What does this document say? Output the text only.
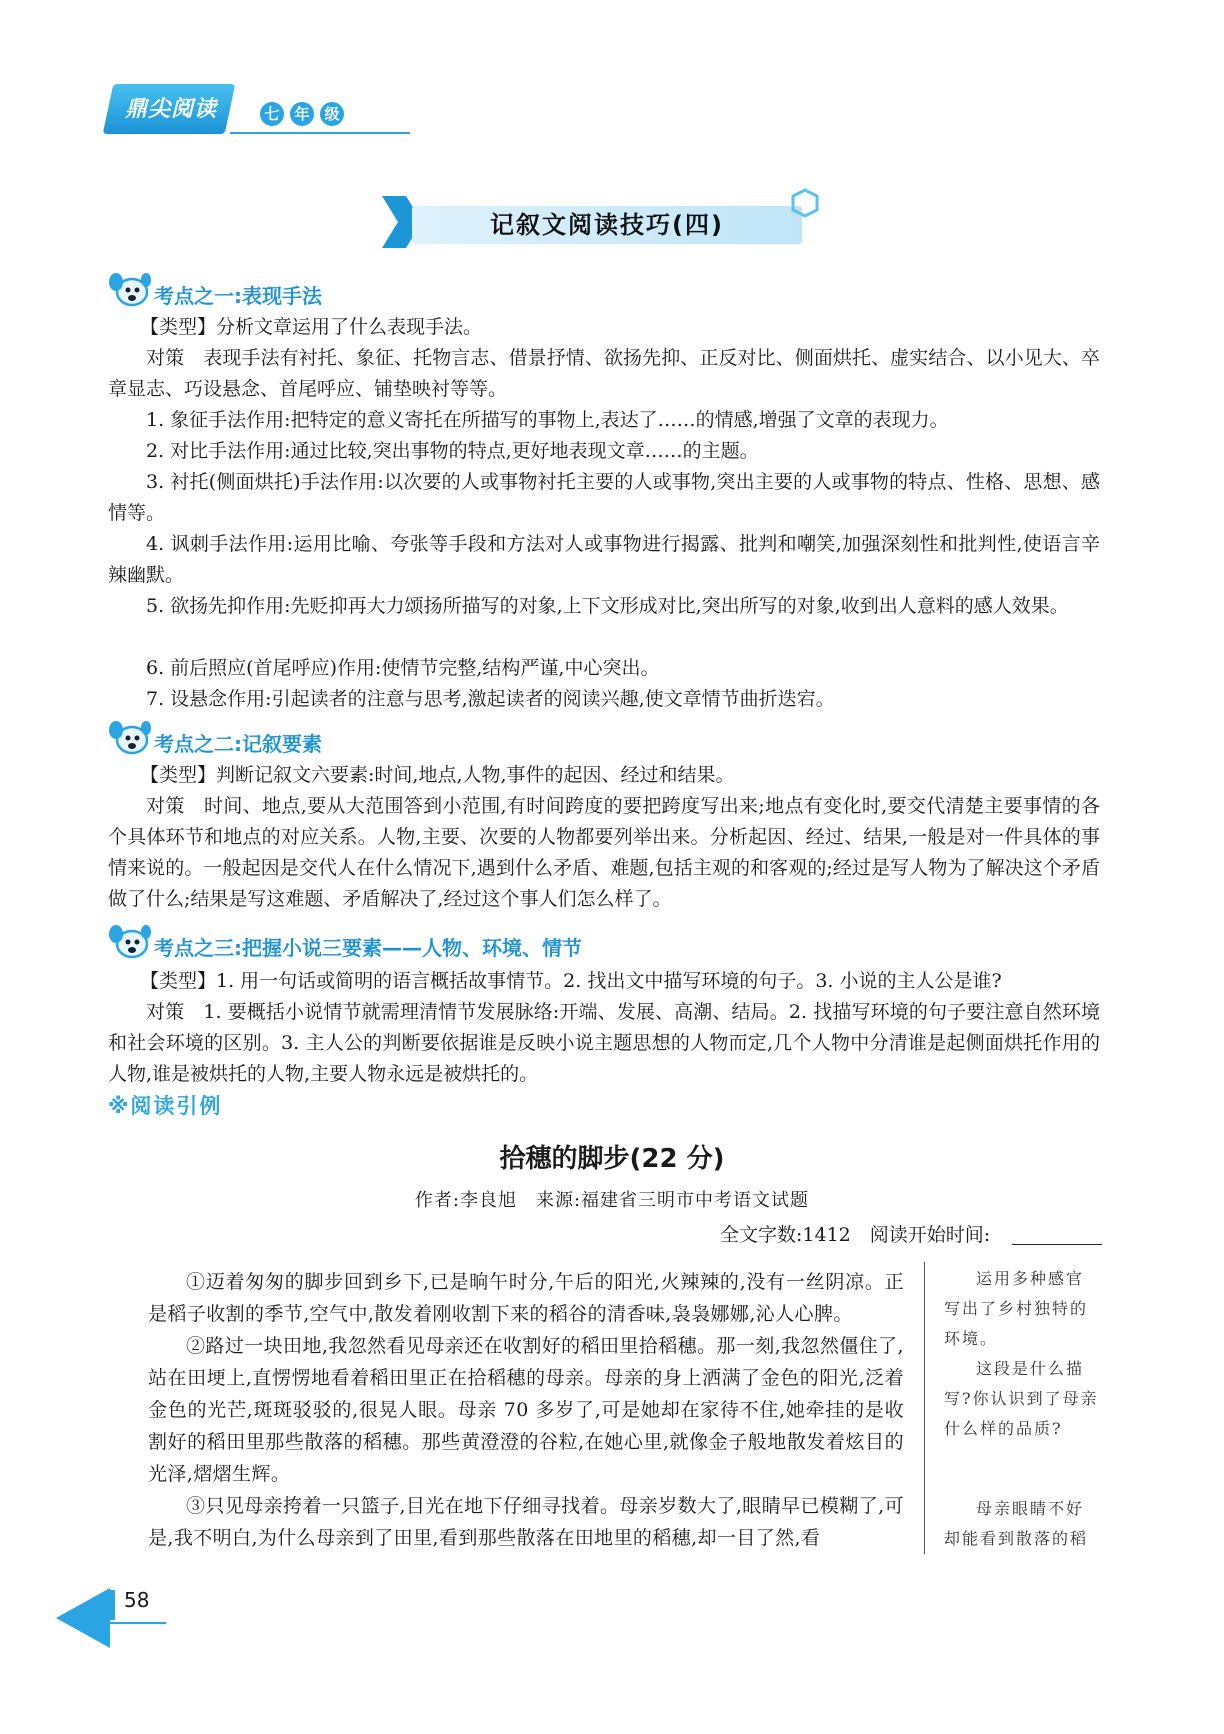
鼎尖阅读	七 年 级
记叙文阅读技巧(四)
考点之一:表现手法

【类型】分析文章运用了什么表现手法。

对策　表现手法有衬托、象征、托物言志、借景抒情、欲扬先抑、正反对比、侧面烘托、虚实结合、以小见大、卒章显志、巧设悬念、首尾呼应、铺垫映衬等等。

1. 象征手法作用:把特定的意义寄托在所描写的事物上,表达了……的情感,增强了文章的表现力。

2. 对比手法作用:通过比较,突出事物的特点,更好地表现文章……的主题。

3. 衬托(侧面烘托)手法作用:以次要的人或事物衬托主要的人或事物,突出主要的人或事物的特点、性格、思想、感情等。

4. 讽刺手法作用:运用比喻、夸张等手段和方法对人或事物进行揭露、批判和嘲笑,加强深刻性和批判性,使语言辛辣幽默。

5. 欲扬先抑作用:先贬抑再大力颂扬所描写的对象,上下文形成对比,突出所写的对象,收到出人意料的感人效果。

6. 前后照应(首尾呼应)作用:使情节完整,结构严谨,中心突出。

7. 设悬念作用:引起读者的注意与思考,激起读者的阅读兴趣,使文章情节曲折迭宕。

考点之二:记叙要素

【类型】判断记叙文六要素:时间,地点,人物,事件的起因、经过和结果。

对策　时间、地点,要从大范围答到小范围,有时间跨度的要把跨度写出来;地点有变化时,要交代清楚主要事情的各个具体环节和地点的对应关系。人物,主要、次要的人物都要列举出来。分析起因、经过、结果,一般是对一件具体的事情来说的。一般起因是交代人在什么情况下,遇到什么矛盾、难题,包括主观的和客观的;经过是写人物为了解决这个矛盾做了什么;结果是写这难题、矛盾解决了,经过这个事人们怎么样了。

考点之三:把握小说三要素——人物、环境、情节

【类型】1. 用一句话或简明的语言概括故事情节。2. 找出文中描写环境的句子。3. 小说的主人公是谁?

对策　1. 要概括小说情节就需理清情节发展脉络:开端、发展、高潮、结局。2. 找描写环境的句子要注意自然环境和社会环境的区别。3. 主人公的判断要依据谁是反映小说主题思想的人物而定,几个人物中分清谁是起侧面烘托作用的人物,谁是被烘托的人物,主要人物永远是被烘托的。

※阅读引例
拾穗的脚步(22 分)
作者:李良旭　来源:福建省三明市中考语文试题
全文字数:1412　阅读开始时间:

①迈着匆匆的脚步回到乡下,已是晌午时分,午后的阳光,火辣辣的,没有一丝阴凉。正是稻子收割的季节,空气中,散发着刚收割下来的稻谷的清香味,袅袅娜娜,沁人心脾。

②路过一块田地,我忽然看见母亲还在收割好的稻田里拾稻穗。那一刻,我忽然僵住了,站在田埂上,直愣愣地看着稻田里正在拾稻穗的母亲。母亲的身上洒满了金色的阳光,泛着金色的光芒,斑斑驳驳的,很晃人眼。母亲 70 多岁了,可是她却在家待不住,她牵挂的是收割好的稻田里那些散落的稻穗。那些黄澄澄的谷粒,在她心里,就像金子般地散发着炫目的光泽,熠熠生辉。

③只见母亲挎着一只篮子,目光在地下仔细寻找着。母亲岁数大了,眼睛早已模糊了,可是,我不明白,为什么母亲到了田里,看到那些散落在田地里的稻穗,却一目了然,看

运用多种感官写出了乡村独特的环境。

这段是什么描写?你认识到了母亲什么样的品质?

母亲眼睛不好却能看到散落的稻

58
